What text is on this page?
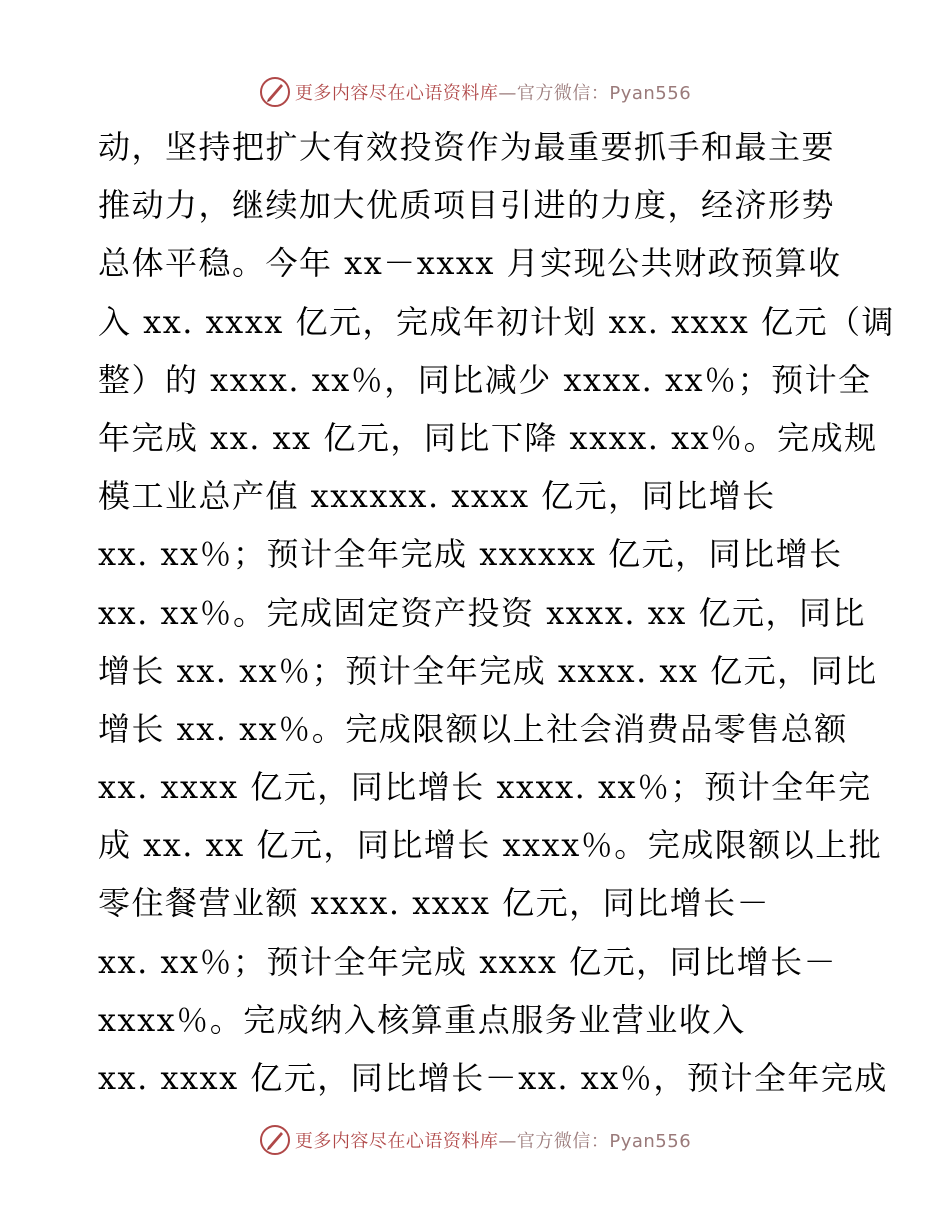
更多内容尽在心语资料库—官方微信：Pyan556
动，坚持把扩大有效投资作为最重要抓手和最主要
推动力，继续加大优质项目引进的力度，经济形势
总体平稳。今年 xx－xxxx 月实现公共财政预算收
入 xx. xxxx 亿元，完成年初计划 xx. xxxx 亿元（调
整）的 xxxx. xx％，同比减少 xxxx. xx％；预计全
年完成 xx. xx 亿元，同比下降 xxxx. xx％。完成规
模工业总产值 xxxxxx. xxxx 亿元，同比增长
xx. xx％；预计全年完成 xxxxxx 亿元，同比增长
xx. xx％。完成固定资产投资 xxxx. xx 亿元，同比
增长 xx. xx％；预计全年完成 xxxx. xx 亿元，同比
增长 xx. xx％。完成限额以上社会消费品零售总额
xx. xxxx 亿元，同比增长 xxxx. xx％；预计全年完
成 xx. xx 亿元，同比增长 xxxx％。完成限额以上批
零住餐营业额 xxxx. xxxx 亿元，同比增长－
xx. xx％；预计全年完成 xxxx 亿元，同比增长－
xxxx％。完成纳入核算重点服务业营业收入
xx. xxxx 亿元，同比增长－xx. xx％，预计全年完成
更多内容尽在心语资料库—官方微信：Pyan556
